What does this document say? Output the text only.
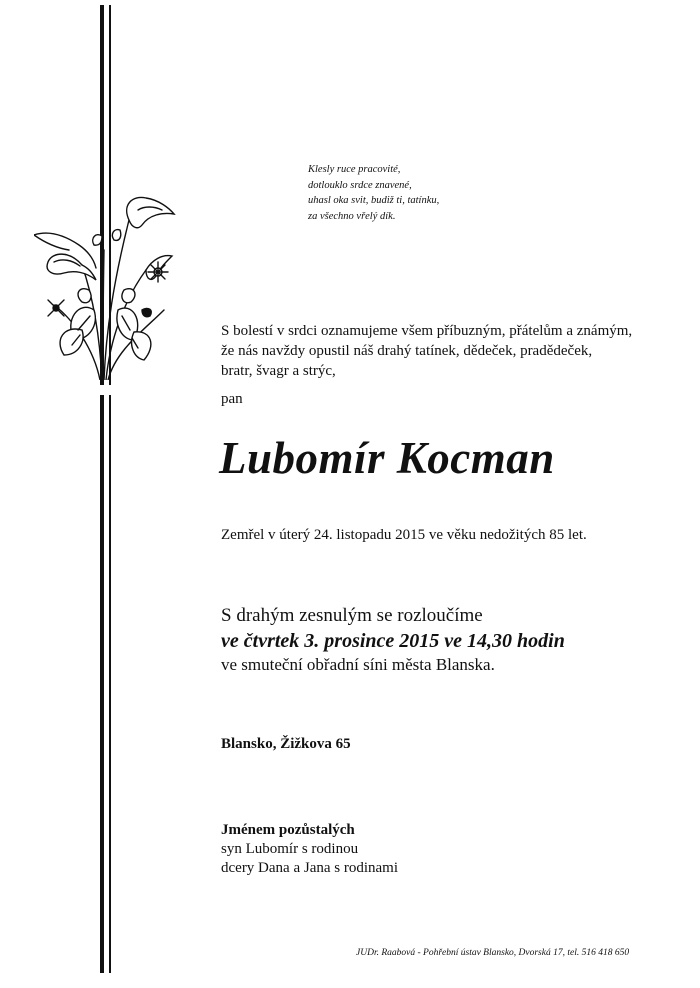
Klesly ruce pracovité,
dotlouklo srdce znavené,
uhasl oka svit, budiž ti, tatínku,
za všechno vřelý dík.
S bolestí v srdci oznamujeme všem příbuzným, přátelům a známým,
že nás navždy opustil náš drahý tatínek, dědeček, pradědeček,
bratr, švagr a strýc,
pan
Lubomír Kocman
Zemřel v úterý 24. listopadu 2015 ve věku nedožitých 85 let.
S drahým zesnulým se rozloučíme
ve čtvrtek 3. prosince 2015 ve 14,30 hodin
ve smuteční obřadní síni města Blanska.
Blansko, Žižkova 65
Jménem pozůstalých
syn Lubomír s rodinou
dcery Dana a Jana s rodinami
JUDr. Raabová - Pohřební ústav Blansko, Dvorská 17, tel. 516 418 650
